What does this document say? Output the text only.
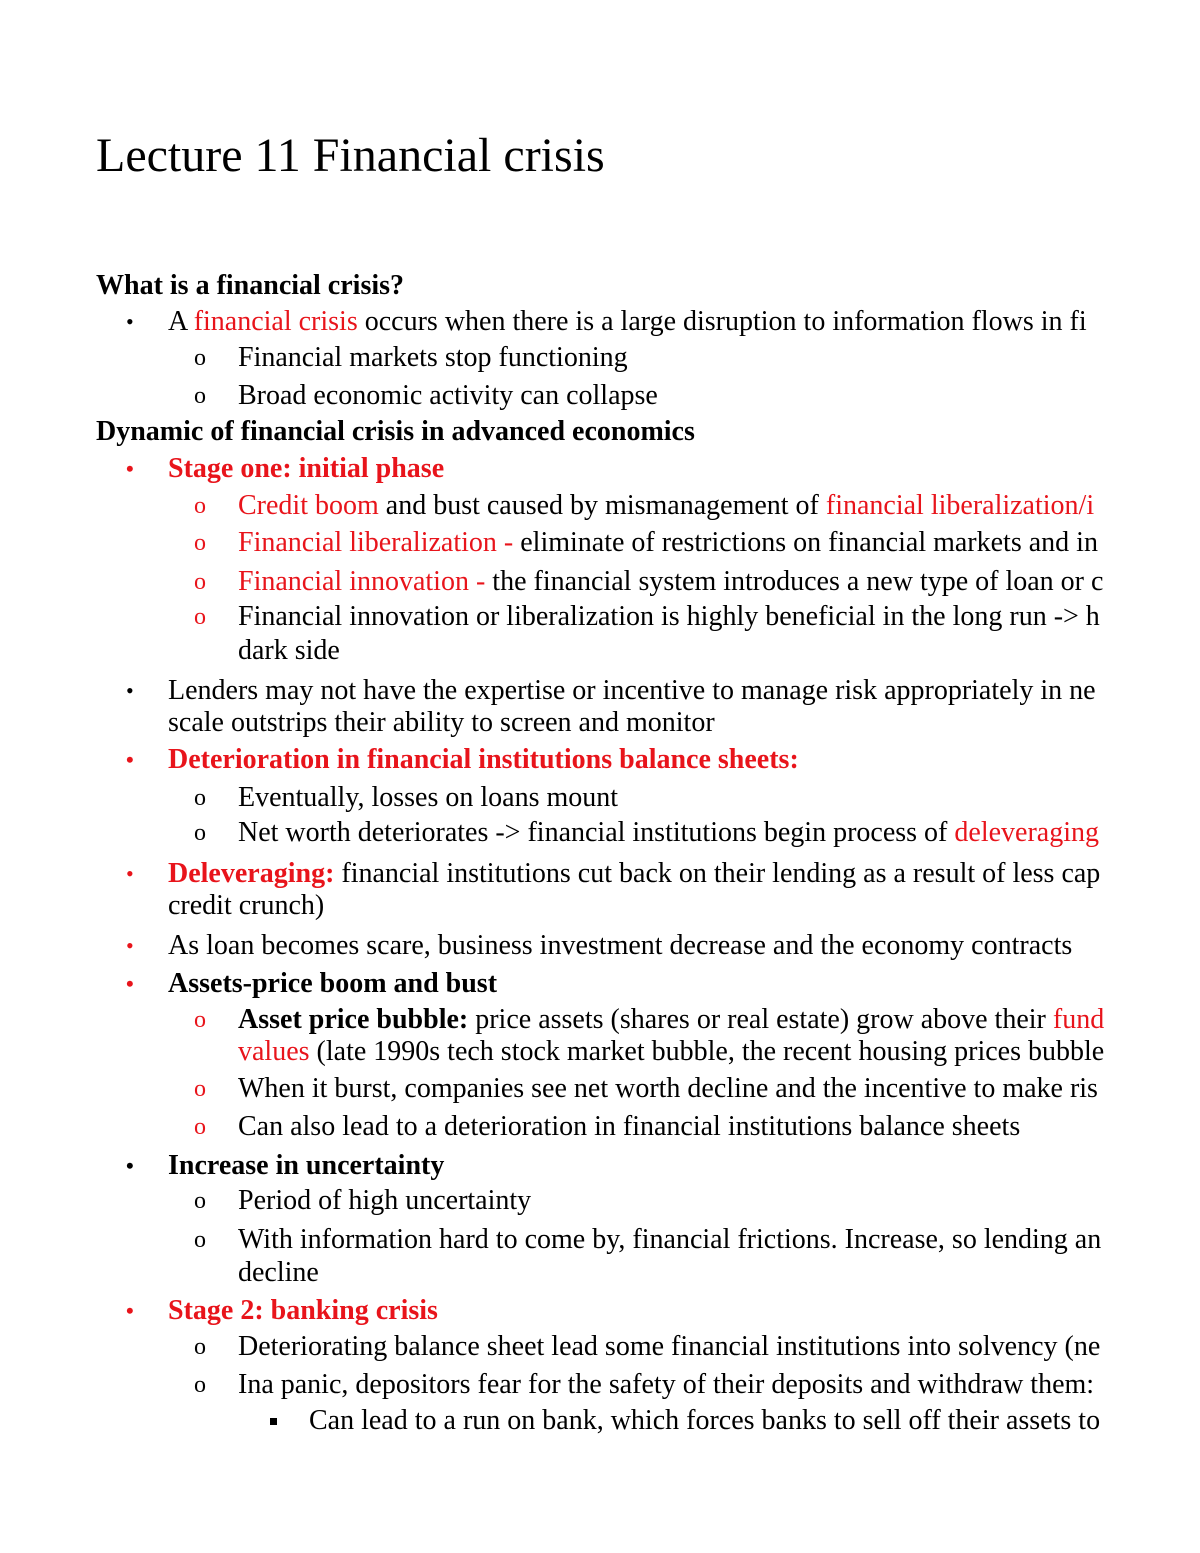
Lecture 11 Financial crisis
What is a financial crisis?
• A financial crisis occurs when there is a large disruption to information flows in fi
o Financial markets stop functioning
o Broad economic activity can collapse
Dynamic of financial crisis in advanced economics
• Stage one: initial phase
o Credit boom and bust caused by mismanagement of financial liberalization/i
o Financial liberalization - eliminate of restrictions on financial markets and in
o Financial innovation - the financial system introduces a new type of loan or c
o Financial innovation or liberalization is highly beneficial in the long run -> h
dark side
• Lenders may not have the expertise or incentive to manage risk appropriately in ne
scale outstrips their ability to screen and monitor
• Deterioration in financial institutions balance sheets:
o Eventually, losses on loans mount
o Net worth deteriorates -> financial institutions begin process of deleveraging
• Deleveraging: financial institutions cut back on their lending as a result of less cap
credit crunch)
• As loan becomes scare, business investment decrease and the economy contracts
• Assets-price boom and bust
o Asset price bubble: price assets (shares or real estate) grow above their fund
values (late 1990s tech stock market bubble, the recent housing prices bubble
o When it burst, companies see net worth decline and the incentive to make ris
o Can also lead to a deterioration in financial institutions balance sheets
• Increase in uncertainty
o Period of high uncertainty
o With information hard to come by, financial frictions. Increase, so lending an
decline
• Stage 2: banking crisis
o Deteriorating balance sheet lead some financial institutions into solvency (ne
o Ina panic, depositors fear for the safety of their deposits and withdraw them:
Can lead to a run on bank, which forces banks to sell off their assets to
